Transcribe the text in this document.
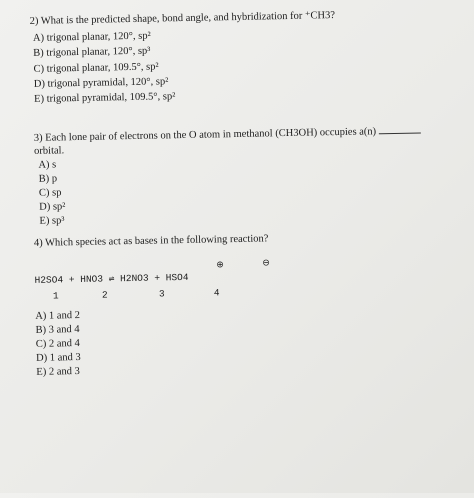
2) What is the predicted shape, bond angle, and hybridization for ⁺CH3?
A) trigonal planar, 120°, sp²
B) trigonal planar, 120°, sp³
C) trigonal planar, 109.5°, sp²
D) trigonal pyramidal, 120°, sp²
E) trigonal pyramidal, 109.5°, sp²
3) Each lone pair of electrons on the O atom in methanol (CH3OH) occupies a(n)
orbital.
A) s
B) p
C) sp
D) sp²
E) sp³
4) Which species act as bases in the following reaction?
⊕	⊖
H2SO4 + HNO3 ⇌ H2NO3 + HSO4
1	2	3	4
A) 1 and 2
B) 3 and 4
C) 2 and 4
D) 1 and 3
E) 2 and 3
